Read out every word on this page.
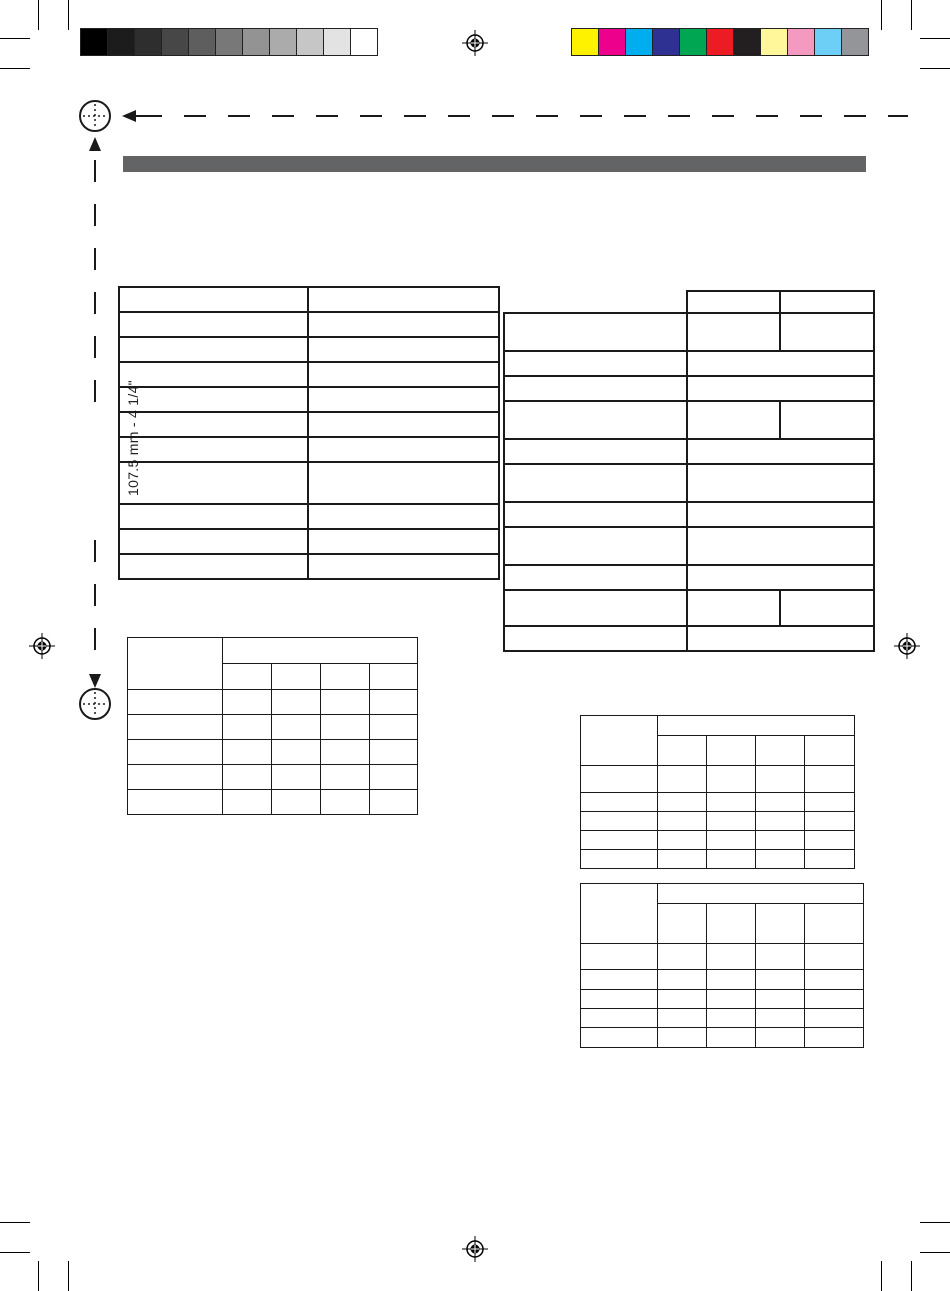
107.5 mm - 4 1/4"
